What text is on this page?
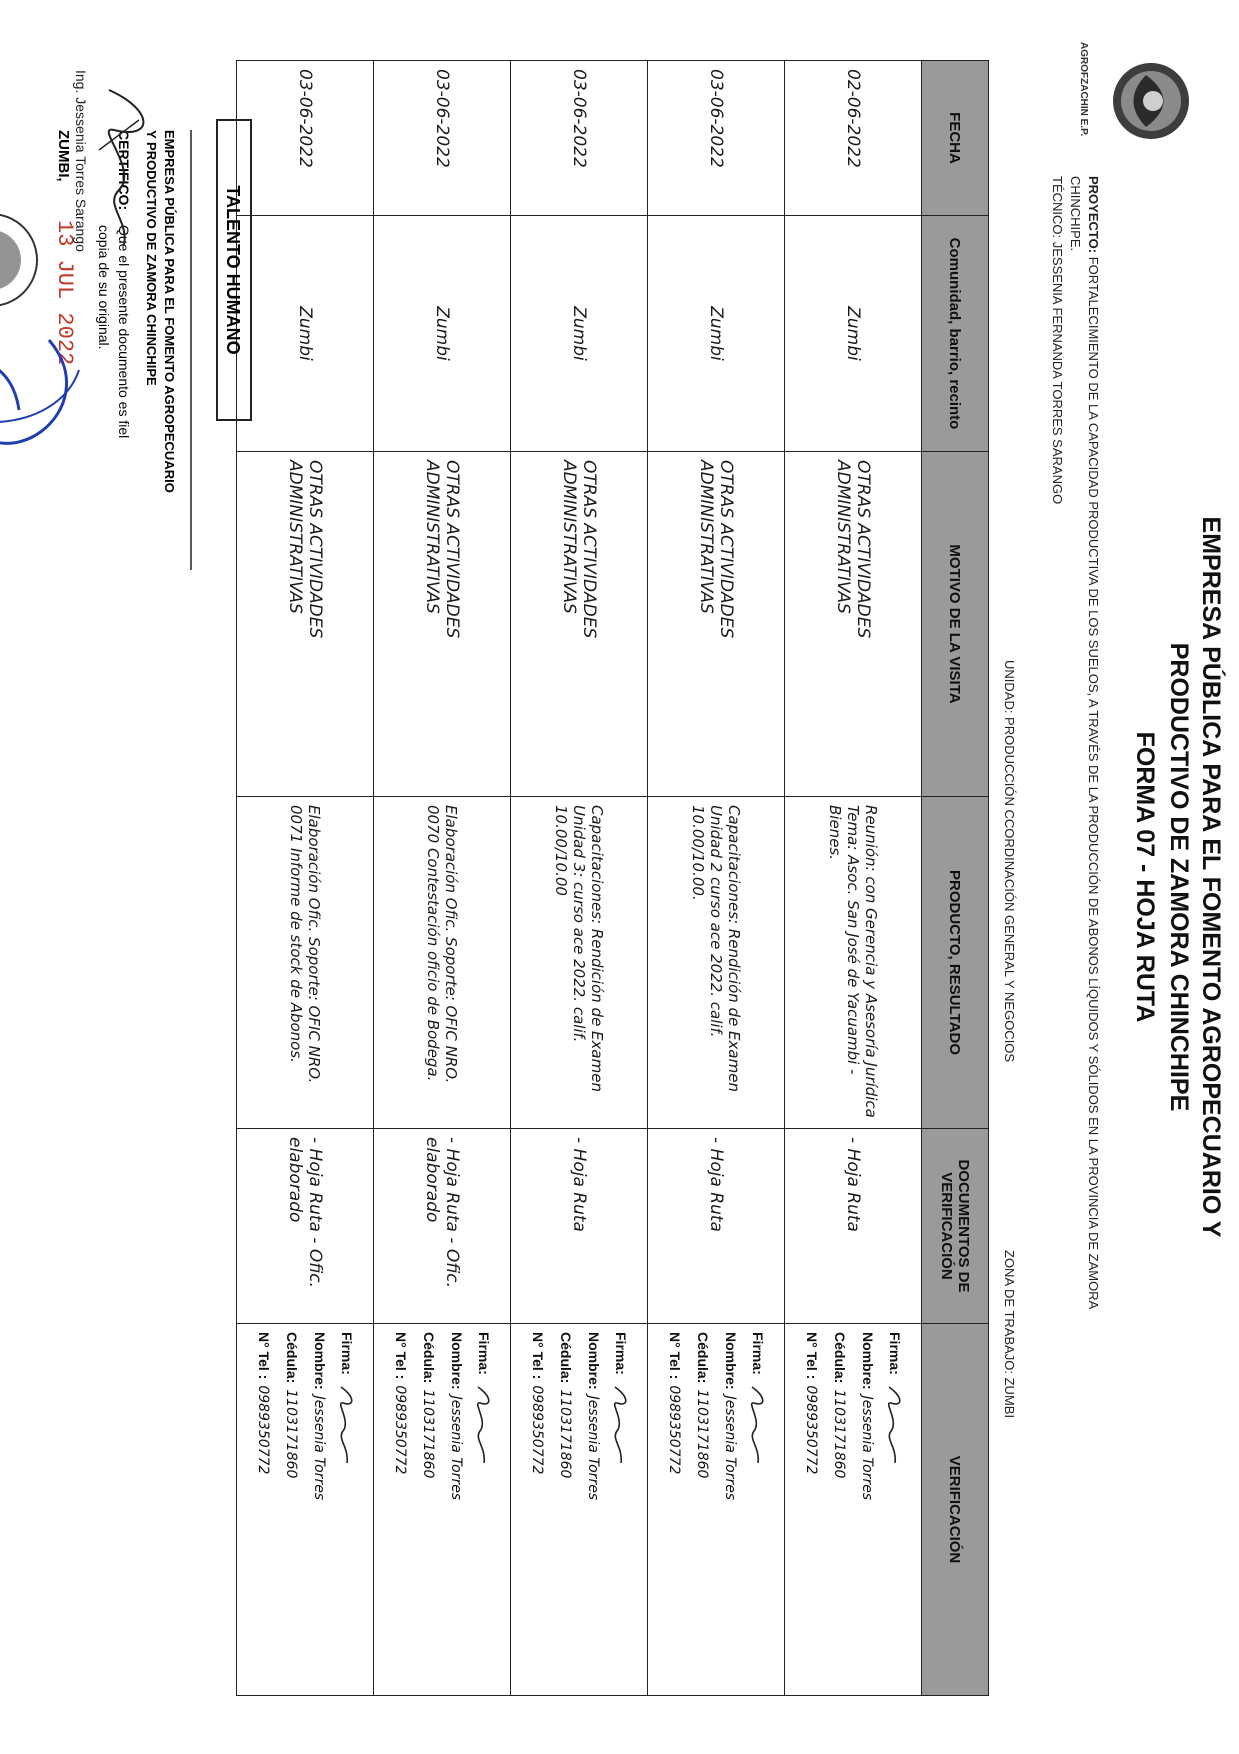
AGROFZACHIN E.P.
EMPRESA PÚBLICA PARA EL FOMENTO AGROPECUARIO Y
PRODUCTIVO DE ZAMORA CHINCHIPE
FORMA 07 - HOJA RUTA
PROYECTO: FORTALECIMIENTO DE LA CAPACIDAD PRODUCTIVA DE LOS SUELOS, A TRAVÉS DE LA PRODUCCIÓN DE ABONOS LÍQUIDOS Y SÓLIDOS EN LA PROVINCIA DE ZAMORA
CHINCHIPE.
TÉCNICO: JESSENIA FERNANDA TORRES SARANGO
UNIDAD: PRODUCCIÓN CCORDINACIÓN GENERAL Y NEGOCIOS
ZONA DE TRABAJO: ZUMBI
FECHA	Comunidad, barrio, recinto	MOTIVO DE LA VISITA	PRODUCTO, RESULTADO	DOCUMENTOS DE VERIFICACIÓN	VERIFICACIÓN
02-06-2022	Zumbi	OTRAS ACTIVIDADES ADMINISTRATIVAS	Reunión: con Gerencia y Asesoría Jurídica Tema: Asoc. San José de Yacuambi - Bienes.	- Hoja Ruta	Firma:
Nombre:Jessenia Torres
Cédula:1103171860
N° Tel :0989350772

03-06-2022	Zumbi	OTRAS ACTIVIDADES ADMINISTRATIVAS	Capacitaciones: Rendición de Examen Unidad 2 curso ace 2022. calif. 10.00/10.00.	- Hoja Ruta	Firma:
Nombre:Jessenia Torres
Cédula:1103171860
N° Tel :0989350772

03-06-2022	Zumbi	OTRAS ACTIVIDADES ADMINISTRATIVAS	Capacitaciones: Rendición de Examen Unidad 3: curso ace 2022. calif. 10.00/10.00	- Hoja Ruta	Firma:
Nombre:Jessenia Torres
Cédula:1103171860
N° Tel :0989350772

03-06-2022	Zumbi	OTRAS ACTIVIDADES ADMINISTRATIVAS	Elaboración Ofic. Soporte: OFIC NRO. 0070 Contestación oficio de Bodega.	- Hoja Ruta - Ofic. elaborado	Firma:
Nombre:Jessenia Torres
Cédula:1103171860
N° Tel :0989350772

03-06-2022	Zumbi	OTRAS ACTIVIDADES ADMINISTRATIVAS	Elaboración Ofic. Soporte: OFIC NRO. 0071 Informe de stock de Abonos.	- Hoja Ruta - Ofic. elaborado	Firma:
Nombre:Jessenia Torres
Cédula:1103171860
N° Tel :0989350772
TALENTO HUMANO
EMPRESA PÚBLICA PARA EL FOMENTO AGROPECUARIO
Y PRODUCTIVO DE ZAMORA CHINCHIPE
CERTIFICO:
Que el presente documento es fiel
copia de su original.
ZUMBI,
13 JUL 2022
Ing. Jessenia Torres Sarango
